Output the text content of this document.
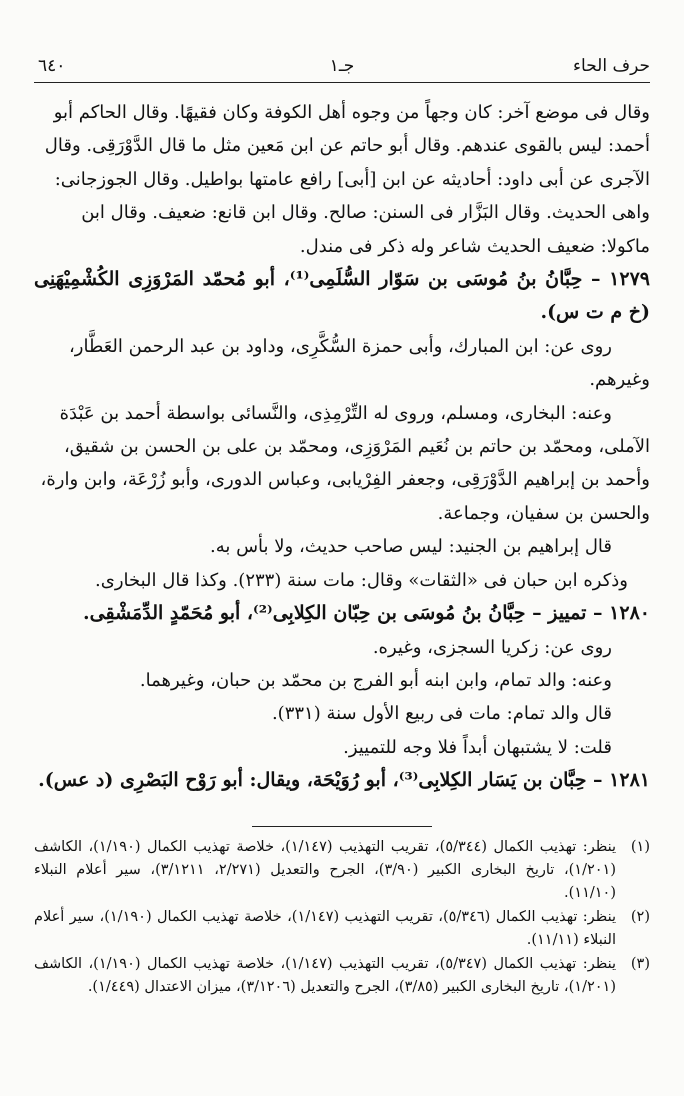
٦٤٠	جـ١	حرف الحاء

وقال فى موضع آخر: كان وجهاً من وجوه أهل الكوفة وكان فقيهًا. وقال الحاكم أبو

أحمد: ليس بالقوى عندهم. وقال أبو حاتم عن ابن مَعين مثل ما قال الدَّوْرَقِى. وقال

الآجرى عن أبى داود: أحاديثه عن ابن [أبى] رافع عامتها بواطيل. وقال الجوزجانى:

واهى الحديث. وقال البَزَّار فى السنن: صالح. وقال ابن قانع: ضعيف. وقال ابن

ماكولا: ضعيف الحديث شاعر وله ذكر فى مندل.

١٢٧٩ – حِبَّانُ بنُ مُوسَى بن سَوّار السُّلَمِى⁽¹⁾، أبو مُحمّد المَرْوَزِى الكُشْمِيْهَنِى (خ م ت س).

روى عن: ابن المبارك، وأبى حمزة السُّكَّرِى، وداود بن عبد الرحمن العَطَّار،

وغيرهم.

وعنه: البخارى، ومسلم، وروى له التِّرْمِذِى، والنَّسائى بواسطة أحمد بن عَبْدَة

الآملى، ومحمّد بن حاتم بن نُعَيم المَرْوَزِى، ومحمّد بن على بن الحسن بن شقيق،

وأحمد بن إبراهيم الدَّوْرَقِى، وجعفر الفِرْيابى، وعباس الدورى، وأبو زُرْعَة، وابن وارة،

والحسن بن سفيان، وجماعة.

قال إبراهيم بن الجنيد: ليس صاحب حديث، ولا بأس به.

وذكره ابن حبان فى «الثقات» وقال: مات سنة (٢٣٣). وكذا قال البخارى.

١٢٨٠ – تمييز – حِبَّانُ بنُ مُوسَى بن حِبّان الكِلابِى⁽²⁾، أبو مُحَمّدٍ الدِّمَشْقِى.

روى عن: زكريا السجزى، وغيره.

وعنه: والد تمام، وابن ابنه أبو الفرج بن محمّد بن حبان، وغيرهما.

قال والد تمام: مات فى ربيع الأول سنة (٣٣١).

قلت: لا يشتبهان أبداً فلا وجه للتمييز.

١٢٨١ – حِبَّان بن يَسَار الكِلابِى⁽³⁾، أبو رُوَيْحَة، ويقال: أبو رَوْح البَصْرِى (د عس).

(١)
ينظر: تهذيب الكمال (٥/٣٤٤)، تقريب التهذيب (١/١٤٧)، خلاصة تهذيب الكمال (١/١٩٠)، الكاشف (١/٢٠١)، تاريخ البخارى الكبير (٣/٩٠)، الجرح والتعديل (٢/٢٧١، ٣/١٢١١)، سير أعلام النبلاء (١١/١٠).
(٢)
ينظر: تهذيب الكمال (٥/٣٤٦)، تقريب التهذيب (١/١٤٧)، خلاصة تهذيب الكمال (١/١٩٠)، سير أعلام النبلاء (١١/١١).
(٣)
ينظر: تهذيب الكمال (٥/٣٤٧)، تقريب التهذيب (١/١٤٧)، خلاصة تهذيب الكمال (١/١٩٠)، الكاشف (١/٢٠١)، تاريخ البخارى الكبير (٣/٨٥)، الجرح والتعديل (٣/١٢٠٦)، ميزان الاعتدال (١/٤٤٩).
